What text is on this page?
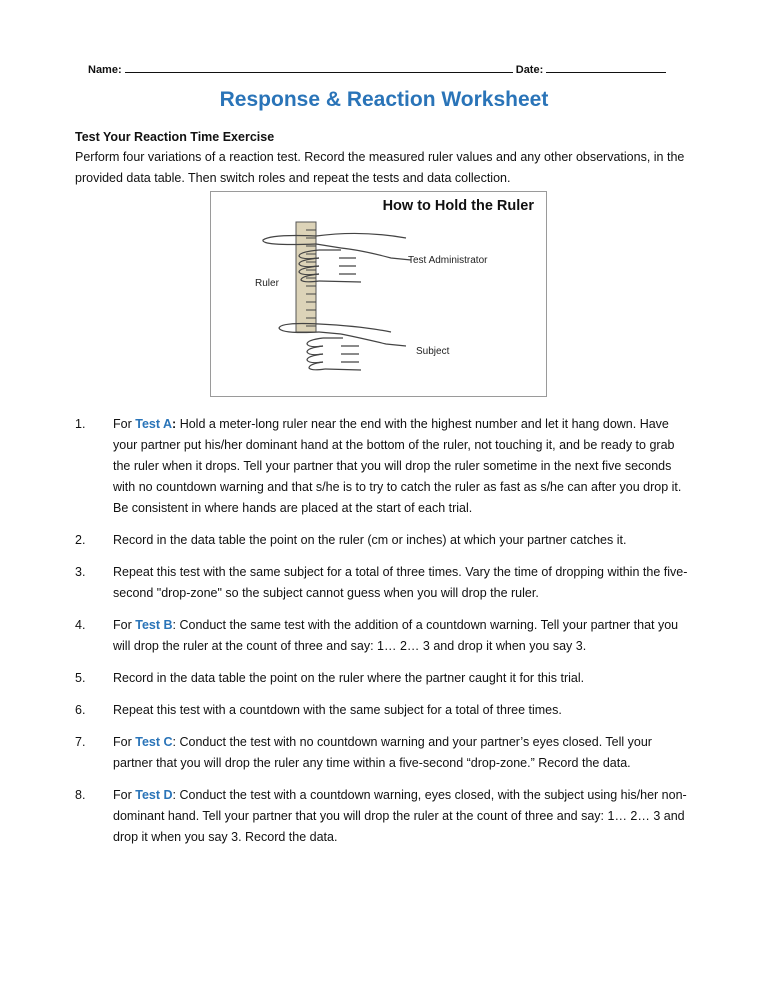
Name:	Date:
Response & Reaction Worksheet
Test Your Reaction Time Exercise
Perform four variations of a reaction test. Record the measured ruler values and any other observations, in the provided data table. Then switch roles and repeat the tests and data collection.
Ruler
Test Administrator
Subject
How to Hold the Ruler
1. For Test A: Hold a meter-long ruler near the end with the highest number and let it hang down. Have your partner put his/her dominant hand at the bottom of the ruler, not touching it, and be ready to grab the ruler when it drops. Tell your partner that you will drop the ruler sometime in the next five seconds with no countdown warning and that s/he is to try to catch the ruler as fast as s/he can after you drop it. Be consistent in where hands are placed at the start of each trial.
2. Record in the data table the point on the ruler (cm or inches) at which your partner catches it.
3. Repeat this test with the same subject for a total of three times. Vary the time of dropping within the five-second "drop-zone" so the subject cannot guess when you will drop the ruler.
4. For Test B: Conduct the same test with the addition of a countdown warning. Tell your partner that you will drop the ruler at the count of three and say: 1… 2… 3 and drop it when you say 3.
5. Record in the data table the point on the ruler where the partner caught it for this trial.
6. Repeat this test with a countdown with the same subject for a total of three times.
7. For Test C: Conduct the test with no countdown warning and your partner’s eyes closed. Tell your partner that you will drop the ruler any time within a five-second “drop-zone.” Record the data.
8. For Test D: Conduct the test with a countdown warning, eyes closed, with the subject using his/her non-dominant hand. Tell your partner that you will drop the ruler at the count of three and say: 1… 2… 3 and drop it when you say 3. Record the data.
